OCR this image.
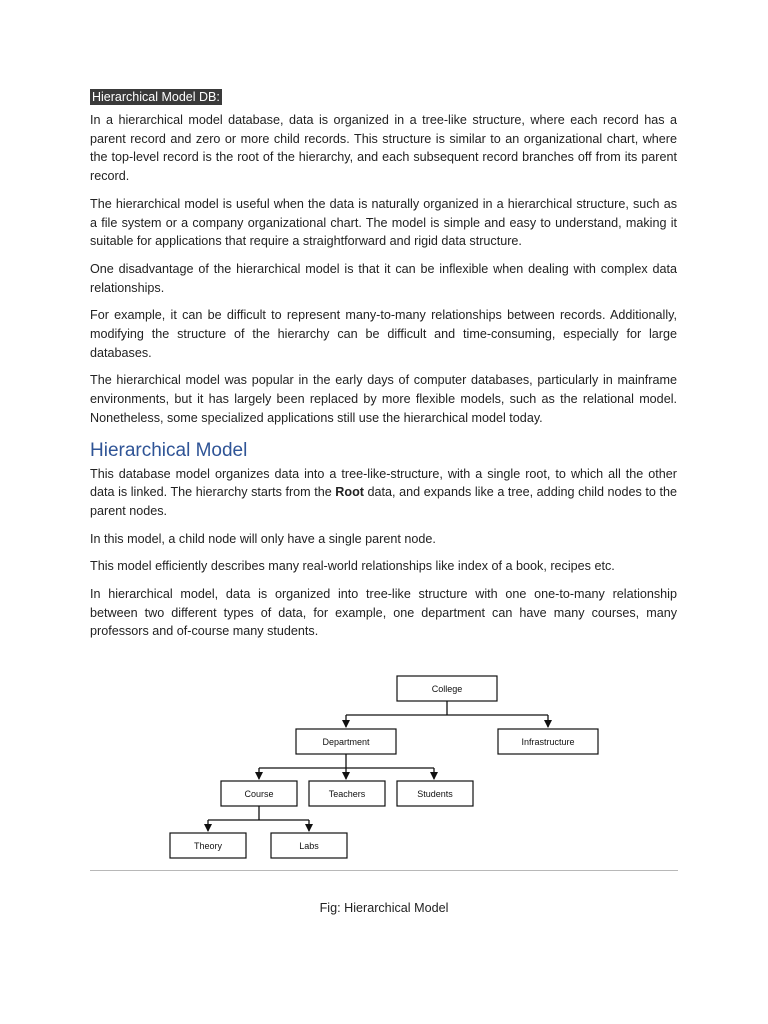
Hierarchical Model DB:

In a hierarchical model database, data is organized in a tree-like structure, where each record has a parent record and zero or more child records. This structure is similar to an organizational chart, where the top-level record is the root of the hierarchy, and each subsequent record branches off from its parent record.

The hierarchical model is useful when the data is naturally organized in a hierarchical structure, such as a file system or a company organizational chart. The model is simple and easy to understand, making it suitable for applications that require a straightforward and rigid data structure.

One disadvantage of the hierarchical model is that it can be inflexible when dealing with complex data relationships.

For example, it can be difficult to represent many-to-many relationships between records. Additionally, modifying the structure of the hierarchy can be difficult and time-consuming, especially for large databases.

The hierarchical model was popular in the early days of computer databases, particularly in mainframe environments, but it has largely been replaced by more flexible models, such as the relational model. Nonetheless, some specialized applications still use the hierarchical model today.

Hierarchical Model

This database model organizes data into a tree-like-structure, with a single root, to which all the other data is linked. The hierarchy starts from the Root data, and expands like a tree, adding child nodes to the parent nodes.

In this model, a child node will only have a single parent node.

This model efficiently describes many real-world relationships like index of a book, recipes etc.

In hierarchical model, data is organized into tree-like structure with one one-to-many relationship between two different types of data, for example, one department can have many courses, many professors and of-course many students.

College
Department	Infrastructure
Course	Teachers	Students
Theory	Labs
Fig: Hierarchical Model
